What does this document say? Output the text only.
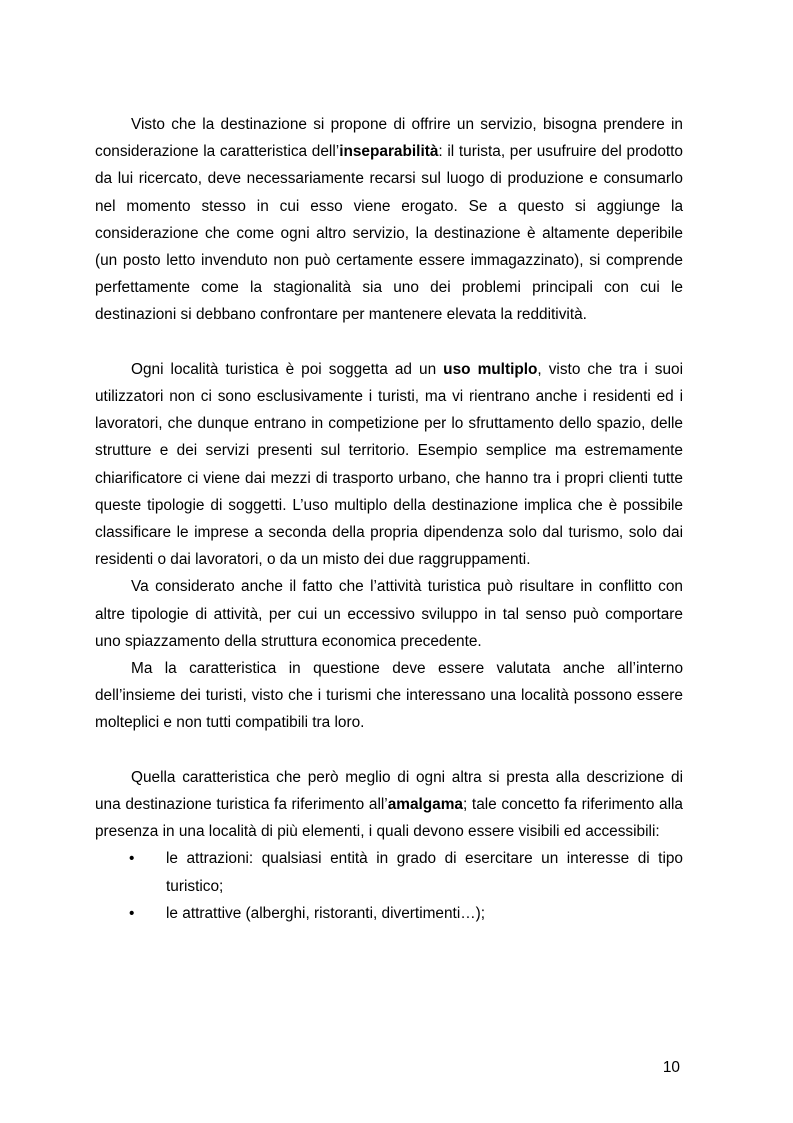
Visto che la destinazione si propone di offrire un servizio, bisogna prendere in considerazione la caratteristica dell’inseparabilità: il turista, per usufruire del prodotto da lui ricercato, deve necessariamente recarsi sul luogo di produzione e consumarlo nel momento stesso in cui esso viene erogato. Se a questo si aggiunge la considerazione che come ogni altro servizio, la destinazione è altamente deperibile (un posto letto invenduto non può certamente essere immagazzinato), si comprende perfettamente come la stagionalità sia uno dei problemi principali con cui le destinazioni si debbano confrontare per mantenere elevata la redditività.

Ogni località turistica è poi soggetta ad un uso multiplo, visto che tra i suoi utilizzatori non ci sono esclusivamente i turisti, ma vi rientrano anche i residenti ed i lavoratori, che dunque entrano in competizione per lo sfruttamento dello spazio, delle strutture e dei servizi presenti sul territorio. Esempio semplice ma estremamente chiarificatore ci viene dai mezzi di trasporto urbano, che hanno tra i propri clienti tutte queste tipologie di soggetti. L’uso multiplo della destinazione implica che è possibile classificare le imprese a seconda della propria dipendenza solo dal turismo, solo dai residenti o dai lavoratori, o da un misto dei due raggruppamenti.

Va considerato anche il fatto che l’attività turistica può risultare in conflitto con altre tipologie di attività, per cui un eccessivo sviluppo in tal senso può comportare uno spiazzamento della struttura economica precedente.

Ma la caratteristica in questione deve essere valutata anche all’interno dell’insieme dei turisti, visto che i turismi che interessano una località possono essere molteplici e non tutti compatibili tra loro.

Quella caratteristica che però meglio di ogni altra si presta alla descrizione di una destinazione turistica fa riferimento all’amalgama; tale concetto fa riferimento alla presenza in una località di più elementi, i quali devono essere visibili ed accessibili:

• le attrazioni: qualsiasi entità in grado di esercitare un interesse di tipo turistico;
• le attrattive (alberghi, ristoranti, divertimenti…);
10
